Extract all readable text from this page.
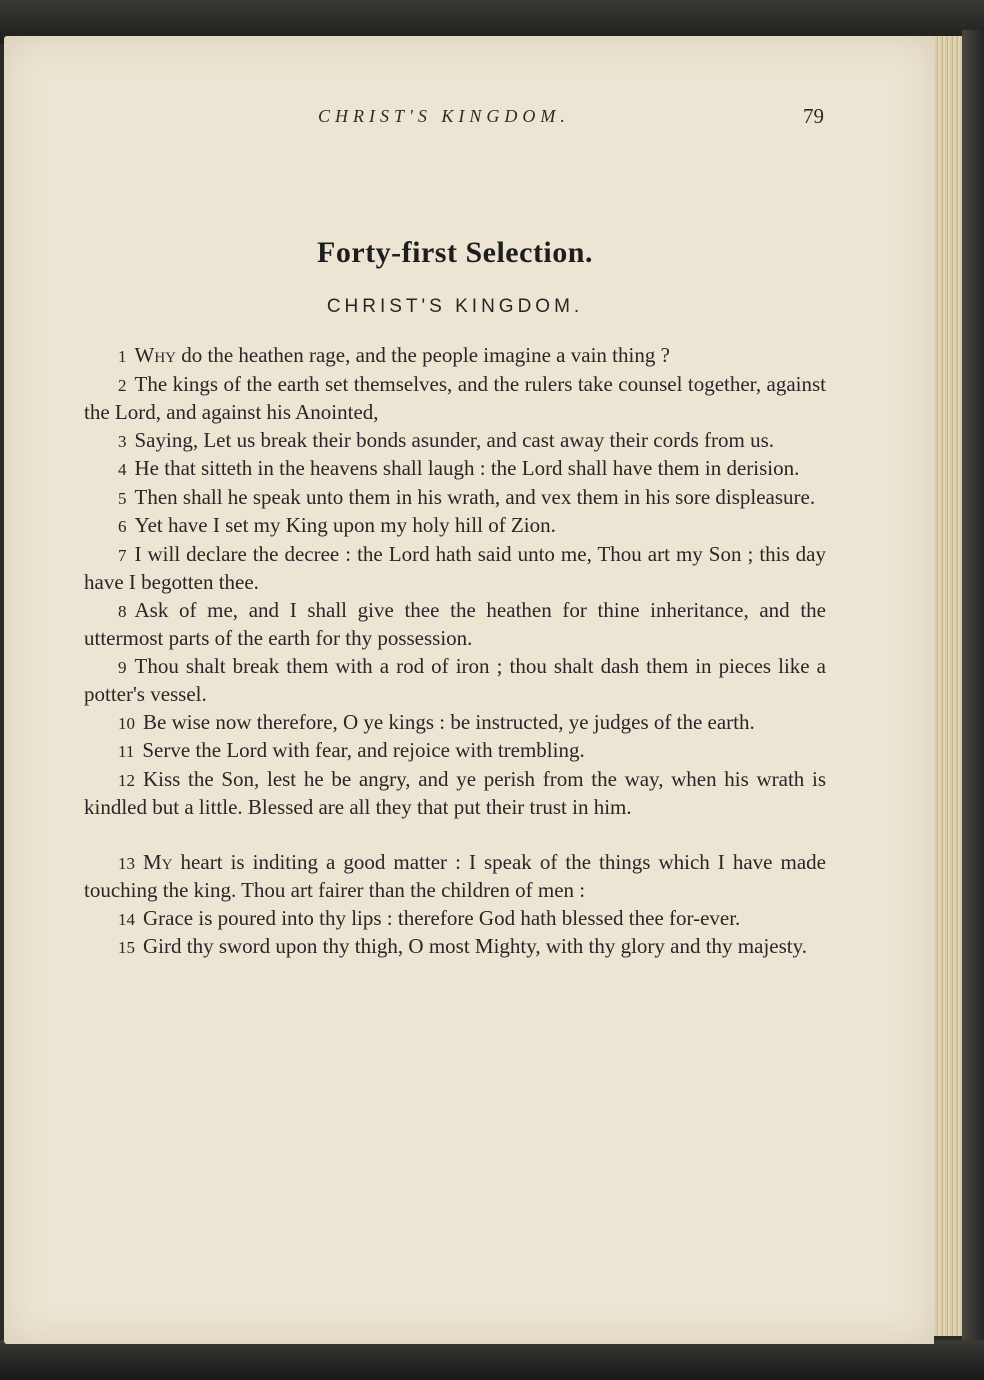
CHRIST'S KINGDOM.	79
Forty-first Selection.
CHRIST'S KINGDOM.

1 Why do the heathen rage, and the people imagine a vain thing ?

2 The kings of the earth set themselves, and the rulers take counsel together, against the Lord, and against his Anointed,

3 Saying, Let us break their bonds asunder, and cast away their cords from us.

4 He that sitteth in the heavens shall laugh : the Lord shall have them in derision.

5 Then shall he speak unto them in his wrath, and vex them in his sore displeasure.

6 Yet have I set my King upon my holy hill of Zion.

7 I will declare the decree : the Lord hath said unto me, Thou art my Son ; this day have I begotten thee.

8 Ask of me, and I shall give thee the heathen for thine inheritance, and the uttermost parts of the earth for thy possession.

9 Thou shalt break them with a rod of iron ; thou shalt dash them in pieces like a potter's vessel.

10 Be wise now therefore, O ye kings : be instructed, ye judges of the earth.

11 Serve the Lord with fear, and rejoice with trembling.

12 Kiss the Son, lest he be angry, and ye perish from the way, when his wrath is kindled but a little. Blessed are all they that put their trust in him.

13 My heart is inditing a good matter : I speak of the things which I have made touching the king. Thou art fairer than the children of men :

14 Grace is poured into thy lips : therefore God hath blessed thee for-ever.

15 Gird thy sword upon thy thigh, O most Mighty, with thy glory and thy majesty.
